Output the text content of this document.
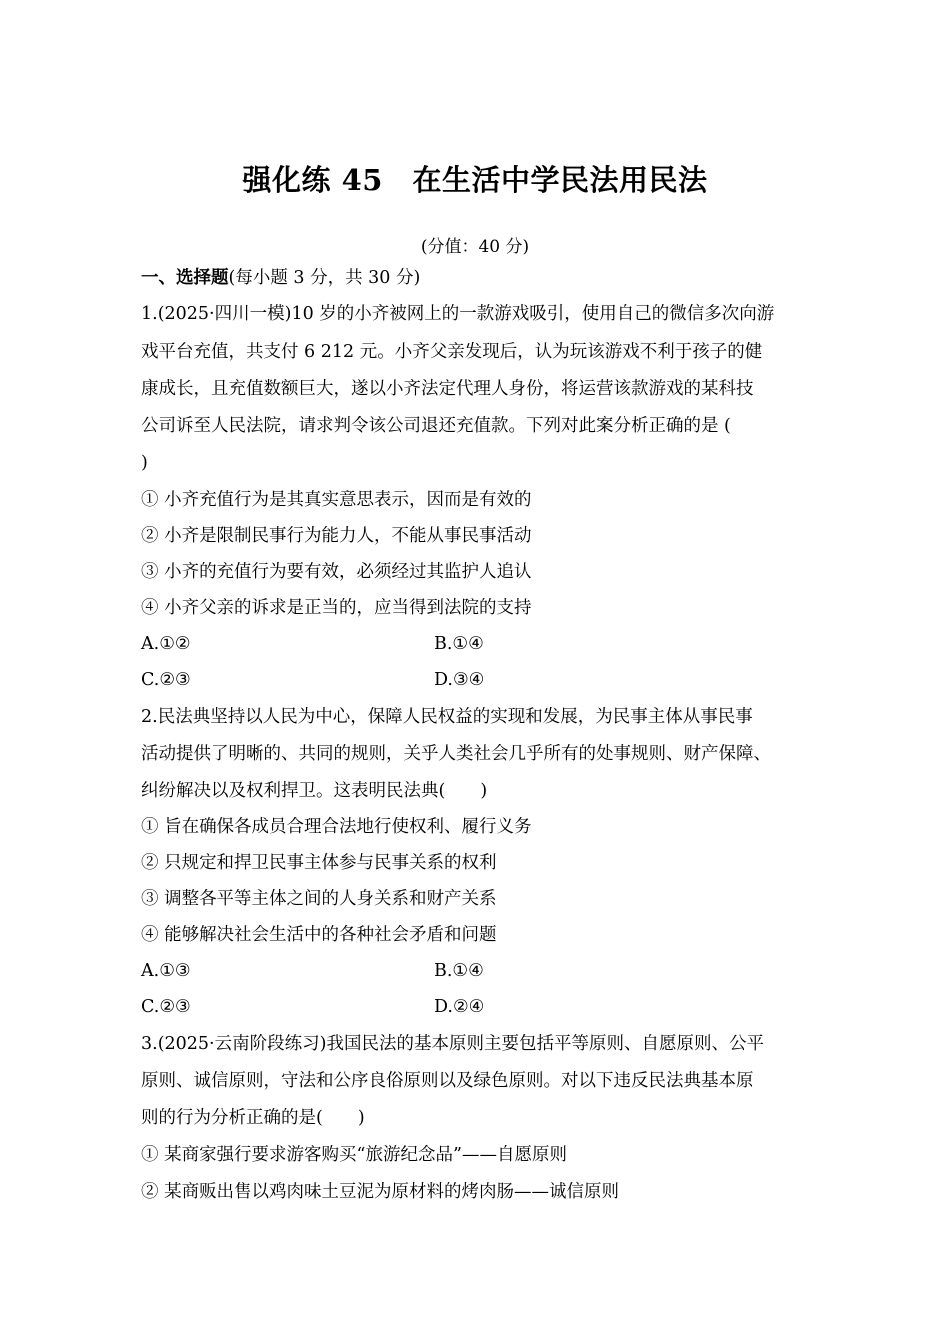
强化练 45　在生活中学民法用民法
(分值：40 分)
一、选择题(每小题 3 分，共 30 分)
1.(2025·四川一模)10 岁的小齐被网上的一款游戏吸引，使用自己的微信多次向游
戏平台充值，共支付 6 212 元。小齐父亲发现后，认为玩该游戏不利于孩子的健
康成长，且充值数额巨大，遂以小齐法定代理人身份，将运营该款游戏的某科技
公司诉至人民法院，请求判令该公司退还充值款。下列对此案分析正确的是 (
)
① 小齐充值行为是其真实意思表示，因而是有效的
② 小齐是限制民事行为能力人，不能从事民事活动
③ 小齐的充值行为要有效，必须经过其监护人追认
④ 小齐父亲的诉求是正当的，应当得到法院的支持
A.①②	B.①④
C.②③	D.③④
2.民法典坚持以人民为中心，保障人民权益的实现和发展，为民事主体从事民事
活动提供了明晰的、共同的规则，关乎人类社会几乎所有的处事规则、财产保障、
纠纷解决以及权利捍卫。这表明民法典(　　)
① 旨在确保各成员合理合法地行使权利、履行义务
② 只规定和捍卫民事主体参与民事关系的权利
③ 调整各平等主体之间的人身关系和财产关系
④ 能够解决社会生活中的各种社会矛盾和问题
A.①③	B.①④
C.②③	D.②④
3.(2025·云南阶段练习)我国民法的基本原则主要包括平等原则、自愿原则、公平
原则、诚信原则，守法和公序良俗原则以及绿色原则。对以下违反民法典基本原
则的行为分析正确的是(　　)
① 某商家强行要求游客购买“旅游纪念品”——自愿原则
② 某商贩出售以鸡肉味土豆泥为原材料的烤肉肠——诚信原则
